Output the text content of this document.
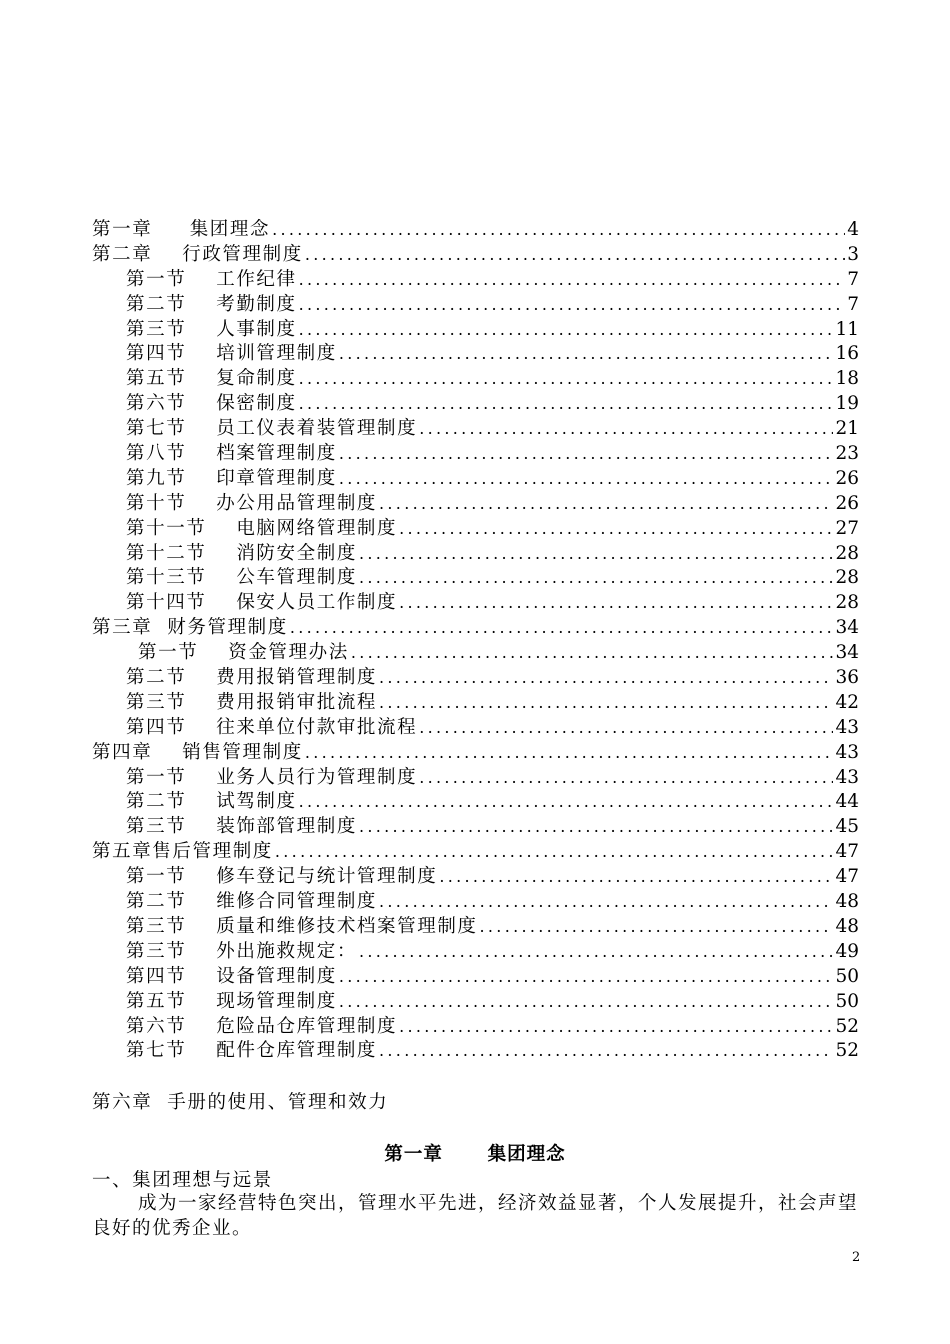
第一章     集团理念 .....	4
第二章    行政管理制度 .....	3
第一节    工作纪律 .....	7
第二节    考勤制度 .....	7
第三节    人事制度 .....	11
第四节    培训管理制度 .....	16
第五节    复命制度 .....	18
第六节    保密制度 .....	19
第七节    员工仪表着装管理制度 .....	21
第八节    档案管理制度 .....	23
第九节    印章管理制度 .....	26
第十节    办公用品管理制度 .....	26
第十一节    电脑网络管理制度 .....	27
第十二节    消防安全制度 .....	28
第十三节    公车管理制度 .....	28
第十四节    保安人员工作制度 .....	28
第三章  财务管理制度 .....	34
第一节    资金管理办法 .....	34
第二节    费用报销管理制度 .....	36
第三节    费用报销审批流程 .....	42
第四节    往来单位付款审批流程 .....	43
第四章    销售管理制度 .....	43
第一节    业务人员行为管理制度 .....	43
第二节    试驾制度 .....	44
第三节    装饰部管理制度 .....	45
第五章售后管理制度 .....	47
第一节    修车登记与统计管理制度 .....	47
第二节    维修合同管理制度 .....	48
第三节    质量和维修技术档案管理制度 .....	48
第三节    外出施救规定： .....	49
第四节    设备管理制度 .....	50
第五节    现场管理制度 .....	50
第六节    危险品仓库管理制度 .....	52
第七节    配件仓库管理制度 .....	52
第六章  手册的使用、管理和效力
第一章      集团理念
一、集团理想与远景
成为一家经营特色突出，管理水平先进，经济效益显著，个人发展提升，社会声望良好的优秀企业。
2
